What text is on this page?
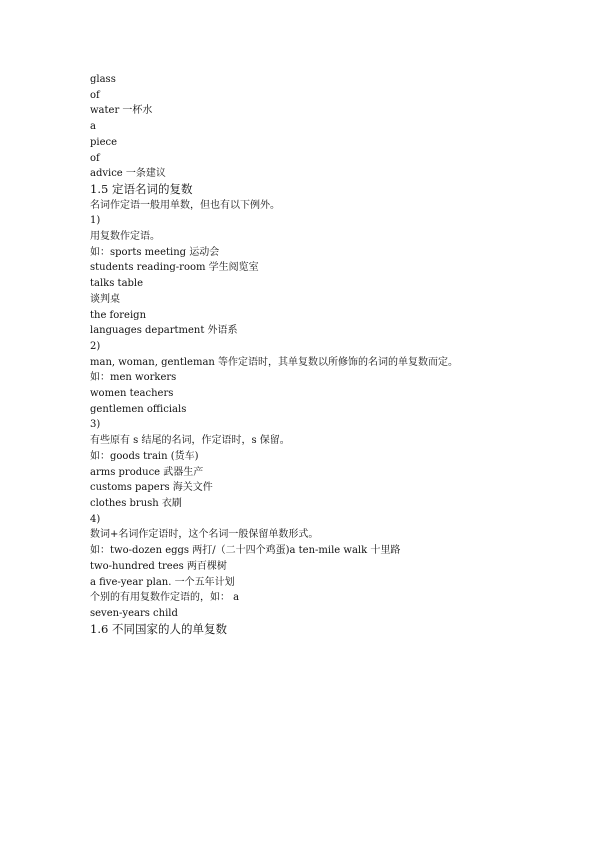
glass
of
water 一杯水
a
piece
of
advice 一条建议
1.5 定语名词的复数
名词作定语一般用单数，但也有以下例外。
1)
用复数作定语。
如：sports meeting 运动会
students reading-room 学生阅览室
talks table
谈判桌
the foreign
languages department 外语系
2)
man, woman, gentleman 等作定语时，其单复数以所修饰的名词的单复数而定。
如：men workers
women teachers
gentlemen officials
3)
有些原有 s 结尾的名词，作定语时，s 保留。
如：goods train (货车)
arms produce 武器生产
customs papers 海关文件
clothes brush 衣刷
4)
数词+名词作定语时，这个名词一般保留单数形式。
如：two-dozen eggs 两打/（二十四个鸡蛋)a ten-mile walk 十里路
two-hundred trees 两百棵树
a five-year plan. 一个五年计划
个别的有用复数作定语的，如： a
seven-years child
1.6 不同国家的人的单复数
